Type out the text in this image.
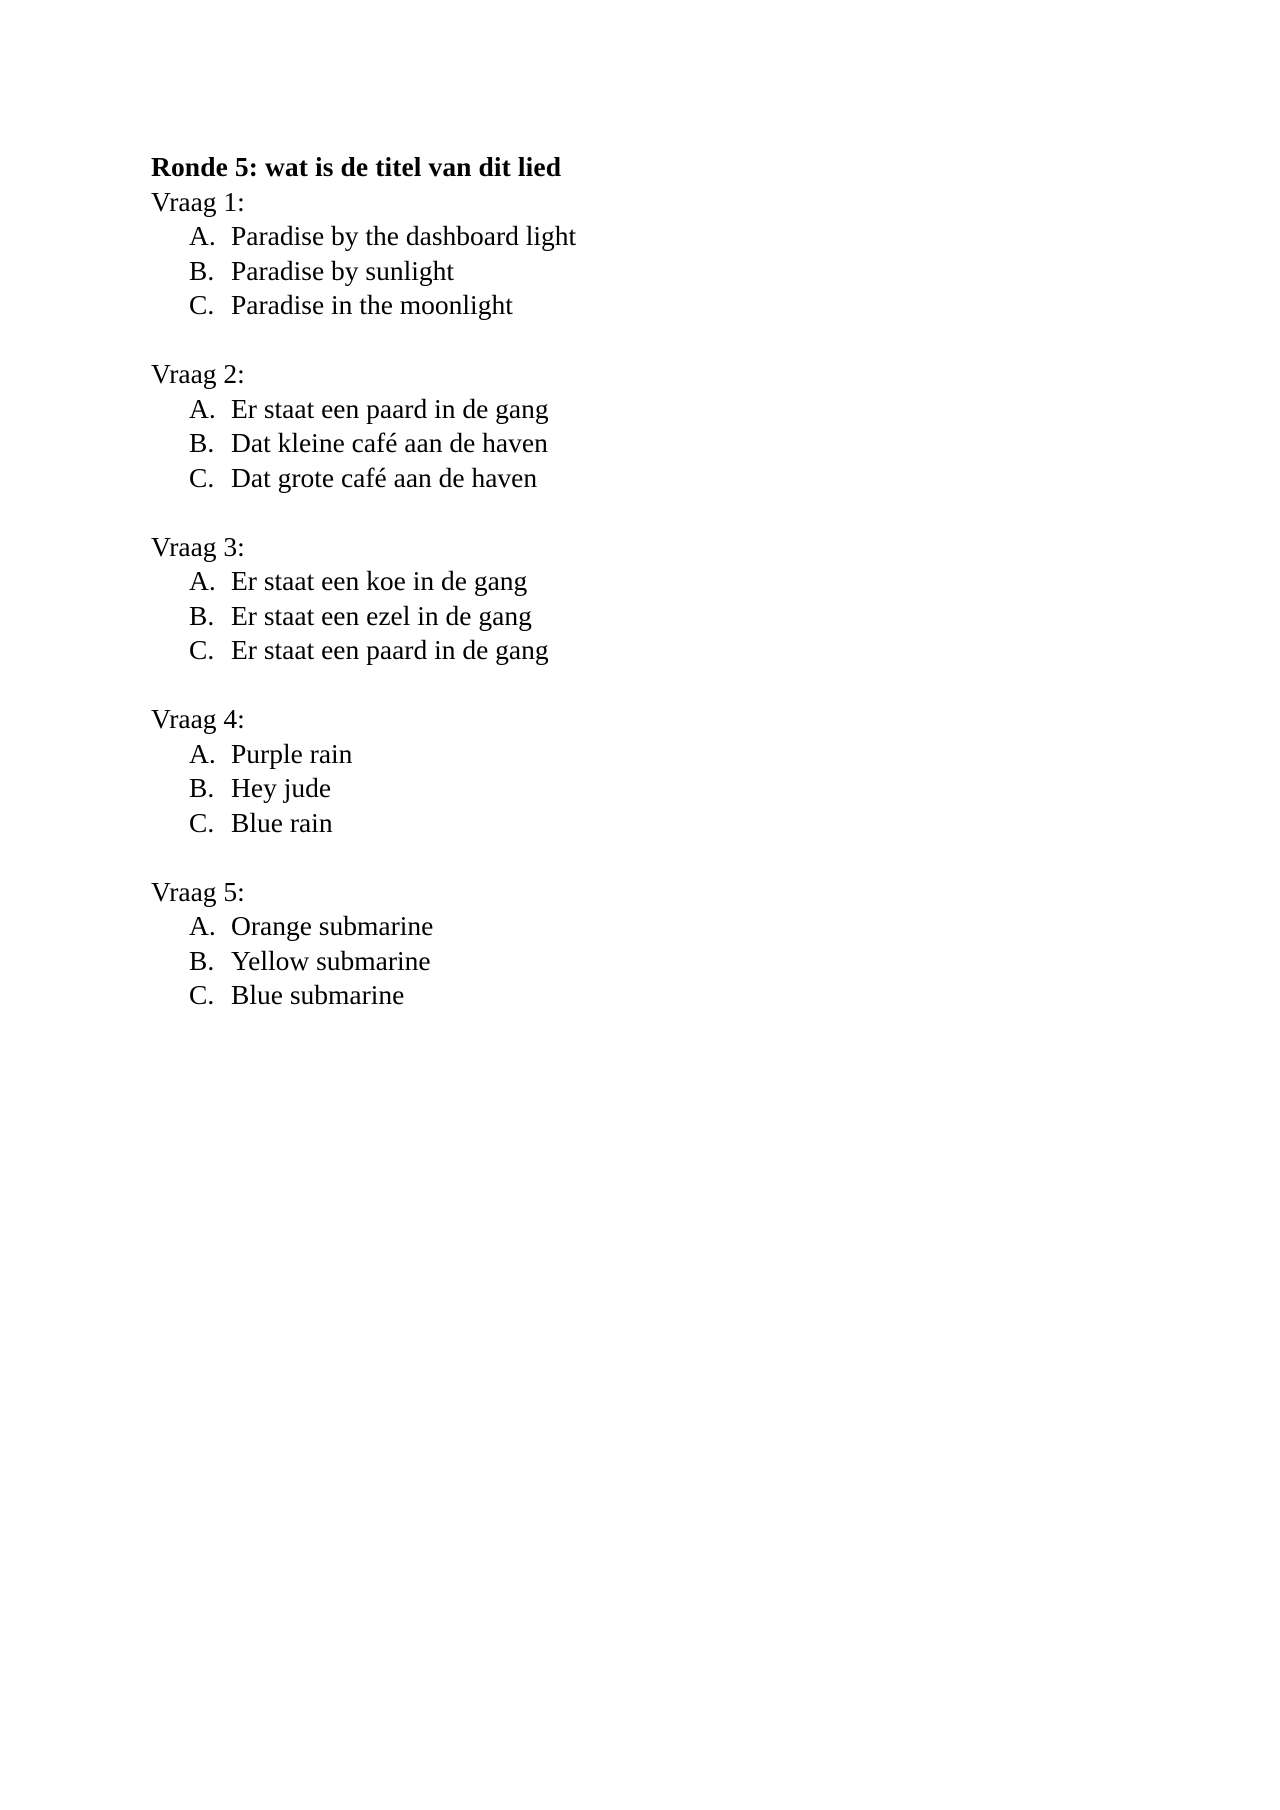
Ronde 5: wat is de titel van dit lied
Vraag 1:
A. Paradise by the dashboard light
B. Paradise by sunlight
C. Paradise in the moonlight
Vraag 2:
A. Er staat een paard in de gang
B. Dat kleine café aan de haven
C. Dat grote café aan de haven
Vraag 3:
A. Er staat een koe in de gang
B. Er staat een ezel in de gang
C. Er staat een paard in de gang
Vraag 4:
A. Purple rain
B. Hey jude
C. Blue rain
Vraag 5:
A. Orange submarine
B. Yellow submarine
C. Blue submarine
